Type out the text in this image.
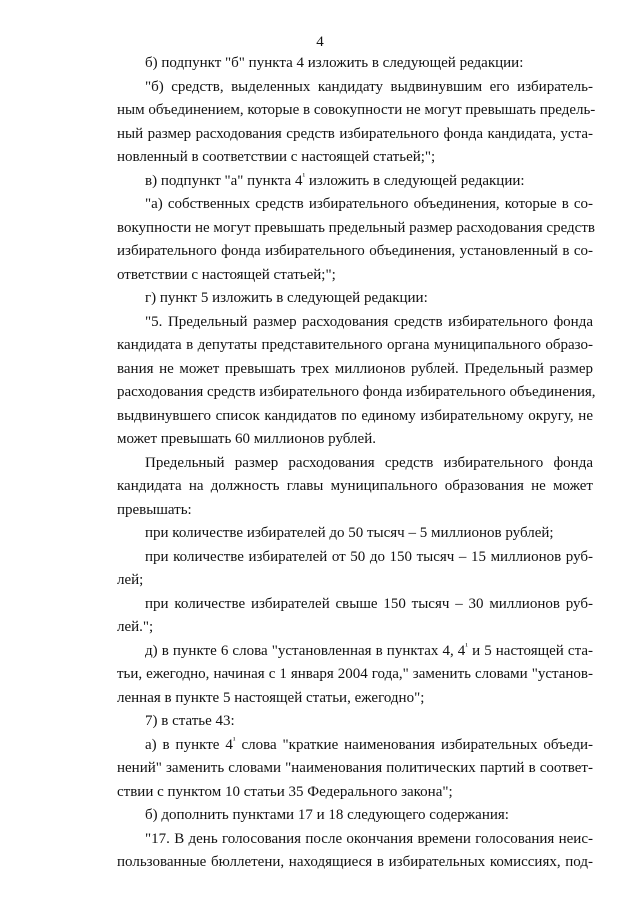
4
б) подпункт "б" пункта 4 изложить в следующей редакции:
"б) средств, выделенных кандидату выдвинувшим его избиратель-
ным объединением, которые в совокупности не могут превышать предель-
ный размер расходования средств избирательного фонда кандидата, уста-
новленный в соответствии с настоящей статьей;";
в) подпункт "а" пункта $4^{^1}$ изложить в следующей редакции:
"а) собственных средств избирательного объединения, которые в со-
вокупности не могут превышать предельный размер расходования средств
избирательного фонда избирательного объединения, установленный в со-
ответствии с настоящей статьей;";
г) пункт 5 изложить в следующей редакции:
"5. Предельный размер расходования средств избирательного фонда
кандидата в депутаты представительного органа муниципального образо-
вания не может превышать трех миллионов рублей. Предельный размер
расходования средств избирательного фонда избирательного объединения,
выдвинувшего список кандидатов по единому избирательному округу, не
может превышать 60 миллионов рублей.
Предельный размер расходования средств избирательного фонда
кандидата на должность главы муниципального образования не может
превышать:
при количестве избирателей до 50 тысяч – 5 миллионов рублей;
при количестве избирателей от 50 до 150 тысяч – 15 миллионов руб-
лей;
при количестве избирателей свыше 150 тысяч – 30 миллионов руб-
лей.";
д) в пункте 6 слова "установленная в пунктах 4, $4^{^1}$ и 5 настоящей ста-
тьи, ежегодно, начиная с 1 января 2004 года," заменить словами "установ-
ленная в пункте 5 настоящей статьи, ежегодно";
7) в статье 43:
а) в пункте $4^{^1}$ слова "краткие наименования избирательных объеди-
нений" заменить словами "наименования политических партий в соответ-
ствии с пунктом 10 статьи 35 Федерального закона";
б) дополнить пунктами 17 и 18 следующего содержания:
"17. В день голосования после окончания времени голосования неис-
пользованные бюллетени, находящиеся в избирательных комиссиях, под-
